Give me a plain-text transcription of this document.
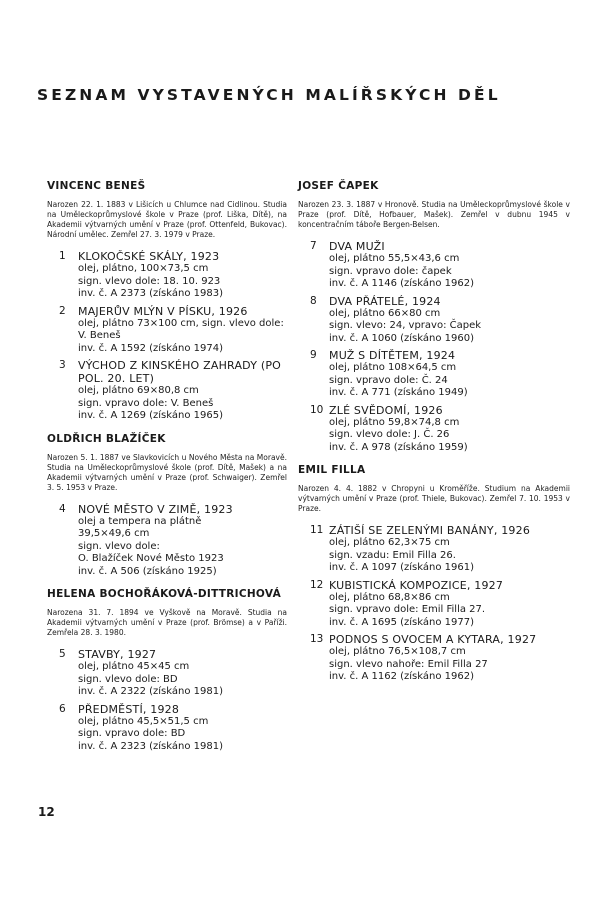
SEZNAM VYSTAVENÝCH MALÍŘSKÝCH DĚL
VINCENC BENEŠ
Narozen 22. 1. 1883 v Lišicích u Chlumce nad Cidlinou. Studia na Uměleckoprůmyslové škole v Praze (prof. Liška, Dítě), na Akademii výtvarných umění v Praze (prof. Ottenfeld, Bukovac). Národní umělec. Zemřel 27. 3. 1979 v Praze.
1	KLOKOČSKÉ SKÁLY, 1923
olej, plátno, 100×73,5 cm
sign. vlevo dole: 18. 10. 923
inv. č. A 2373 (získáno 1983)
2	MAJERŮV MLÝN V PÍSKU, 1926
olej, plátno 73×100 cm, sign. vlevo dole: V. Beneš
inv. č. A 1592 (získáno 1974)
3	VÝCHOD Z KINSKÉHO ZAHRADY (PO POL. 20. LET)
olej, plátno 69×80,8 cm
sign. vpravo dole: V. Beneš
inv. č. A 1269 (získáno 1965)
OLDŘICH BLAŽÍČEK
Narozen 5. 1. 1887 ve Slavkovicích u Nového Města na Moravě. Studia na Uměleckoprůmyslové škole (prof. Dítě, Mašek) a na Akademii výtvarných umění v Praze (prof. Schwaiger). Zemřel 3. 5. 1953 v Praze.
4	NOVÉ MĚSTO V ZIMĚ, 1923
olej a tempera na plátně
39,5×49,6 cm
sign. vlevo dole:
O. Blažíček Nové Město 1923
inv. č. A 506 (získáno 1925)
HELENA BOCHOŘÁKOVÁ-DITTRICHOVÁ
Narozena 31. 7. 1894 ve Vyškově na Moravě. Studia na Akademii výtvarných umění v Praze (prof. Brömse) a v Paříži. Zemřela 28. 3. 1980.
5	STAVBY, 1927
olej, plátno 45×45 cm
sign. vlevo dole: BD
inv. č. A 2322 (získáno 1981)
6	PŘEDMĚSTÍ, 1928
olej, plátno 45,5×51,5 cm
sign. vpravo dole: BD
inv. č. A 2323 (získáno 1981)
JOSEF ČAPEK
Narozen 23. 3. 1887 v Hronově. Studia na Uměleckoprůmyslové škole v Praze (prof. Dítě, Hofbauer, Mašek). Zemřel v dubnu 1945 v koncentračním táboře Bergen-Belsen.
7	DVA MUŽI
olej, plátno 55,5×43,6 cm
sign. vpravo dole: čapek
inv. č. A 1146 (získáno 1962)
8	DVA PŘÁTELÉ, 1924
olej, plátno 66×80 cm
sign. vlevo: 24, vpravo: Čapek
inv. č. A 1060 (získáno 1960)
9	MUŽ S DÍTĚTEM, 1924
olej, plátno 108×64,5 cm
sign. vpravo dole: Č. 24
inv. č. A 771 (získáno 1949)
10 ZLÉ SVĚDOMÍ, 1926
olej, plátno 59,8×74,8 cm
sign. vlevo dole: J. Č. 26
inv. č. A 978 (získáno 1959)
EMIL FILLA
Narozen 4. 4. 1882 v Chropyni u Kroměříže. Studium na Akademii výtvarných umění v Praze (prof. Thiele, Bukovac). Zemřel 7. 10. 1953 v Praze.
11 ZÁTIŠÍ SE ZELENÝMI BANÁNY, 1926
olej, plátno 62,3×75 cm
sign. vzadu: Emil Filla 26.
inv. č. A 1097 (získáno 1961)
12 KUBISTICKÁ KOMPOZICE, 1927
olej, plátno 68,8×86 cm
sign. vpravo dole: Emil Filla 27.
inv. č. A 1695 (získáno 1977)
13 PODNOS S OVOCEM A KYTARA, 1927
olej, plátno 76,5×108,7 cm
sign. vlevo nahoře: Emil Filla 27
inv. č. A 1162 (získáno 1962)
12
